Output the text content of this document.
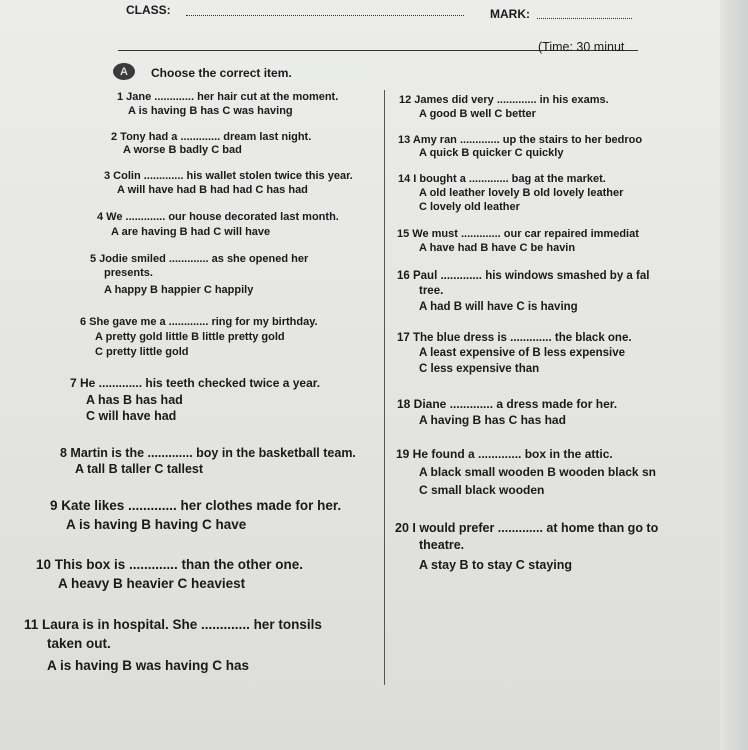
CLASS:	MARK:
(Time: 30 minut
A	Choose the correct item.
1 Jane ............. her hair cut at the moment.
A is having B has C was having
2 Tony had a ............. dream last night.
A worse B badly C bad
3 Colin ............. his wallet stolen twice this year.
A will have had B had had C has had
4 We ............. our house decorated last month.
A are having B had C will have
5 Jodie smiled ............. as she opened her
presents.
A happy B happier C happily
6 She gave me a ............. ring for my birthday.
A pretty gold little B little pretty gold
C pretty little gold
7 He ............. his teeth checked twice a year.
A has B has had
C will have had
8 Martin is the ............. boy in the basketball team.
A tall B taller C tallest
9 Kate likes ............. her clothes made for her.
A is having B having C have
10 This box is ............. than the other one.
A heavy B heavier C heaviest
11 Laura is in hospital. She ............. her tonsils
taken out.
A is having B was having C has
12 James did very ............. in his exams.
A good B well C better
13 Amy ran ............. up the stairs to her bedroo
A quick B quicker C quickly
14 I bought a ............. bag at the market.
A old leather lovely B old lovely leather
C lovely old leather
15 We must ............. our car repaired immediat
A have had B have C be havin
16 Paul ............. his windows smashed by a fal
tree.
A had B will have C is having
17 The blue dress is ............. the black one.
A least expensive of B less expensive
C less expensive than
18 Diane ............. a dress made for her.
A having B has C has had
19 He found a ............. box in the attic.
A black small wooden B wooden black sn
C small black wooden
20 I would prefer ............. at home than go to
theatre.
A stay B to stay C staying
